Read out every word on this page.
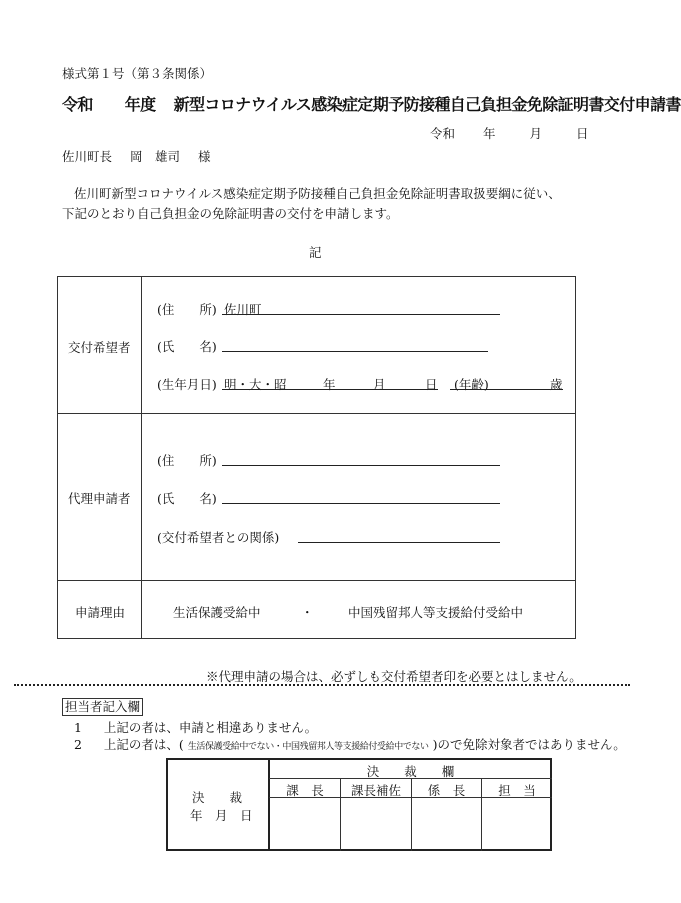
様式第１号（第３条関係）
令和 年度 新型コロナウイルス感染症定期予防接種自己負担金免除証明書交付申請書
令和 年	月	日
佐川町長 岡　雄司 様
佐川町新型コロナウイルス感染症定期予防接種自己負担金免除証明書取扱要綱に従い、
下記のとおり自己負担金の免除証明書の交付を申請します。
記
交付希望者
(住　　所) 佐川町
(氏　　名)
(生年月日) 明・大・昭	年	月	日 (年齢)	歳
代理申請者
(住　　所)
(氏　　名)
(交付希望者との関係)
申請理由	生活保護受給中	・	中国残留邦人等支援給付受給中
※代理申請の場合は、必ずしも交付希望者印を必要とはしません。
担当者記入欄
1 上記の者は、申請と相違ありません。
2 上記の者は、( 生活保護受給中でない・中国残留邦人等支援給付受給中でない )ので免除対象者ではありません。
決　　裁
年　月　日
決　　裁　　欄
課　長	課長補佐	係　長	担　当
